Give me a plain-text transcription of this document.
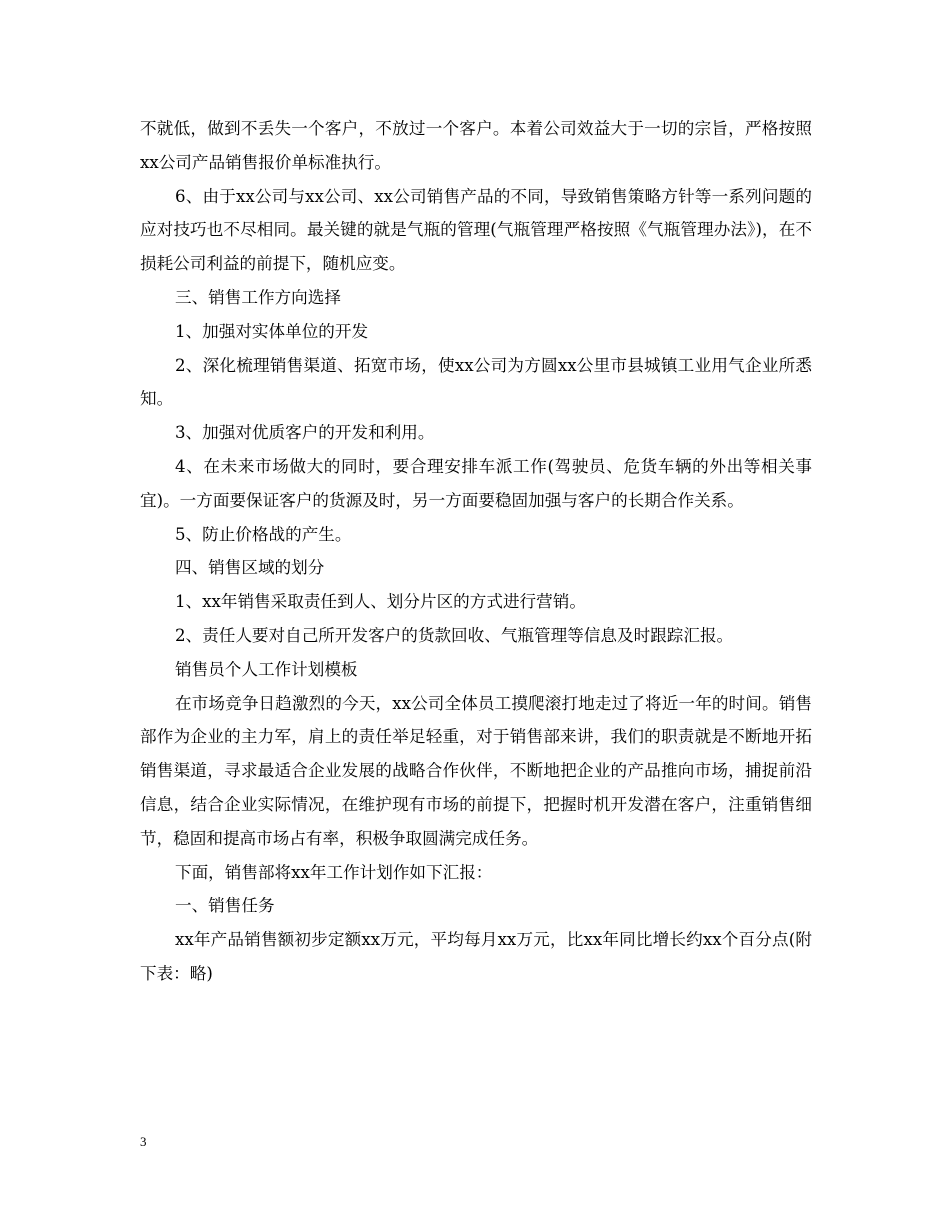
不就低，做到不丢失一个客户，不放过一个客户。本着公司效益大于一切的宗旨，严格按照xx公司产品销售报价单标准执行。

6、由于xx公司与xx公司、xx公司销售产品的不同，导致销售策略方针等一系列问题的应对技巧也不尽相同。最关键的就是气瓶的管理(气瓶管理严格按照《气瓶管理办法》)，在不损耗公司利益的前提下，随机应变。

三、销售工作方向选择

1、加强对实体单位的开发

2、深化梳理销售渠道、拓宽市场，使xx公司为方圆xx公里市县城镇工业用气企业所悉知。

3、加强对优质客户的开发和利用。

4、在未来市场做大的同时，要合理安排车派工作(驾驶员、危货车辆的外出等相关事宜)。一方面要保证客户的货源及时，另一方面要稳固加强与客户的长期合作关系。

5、防止价格战的产生。

四、销售区域的划分

1、xx年销售采取责任到人、划分片区的方式进行营销。

2、责任人要对自己所开发客户的货款回收、气瓶管理等信息及时跟踪汇报。

销售员个人工作计划模板

在市场竞争日趋激烈的今天，xx公司全体员工摸爬滚打地走过了将近一年的时间。销售部作为企业的主力军，肩上的责任举足轻重，对于销售部来讲，我们的职责就是不断地开拓销售渠道，寻求最适合企业发展的战略合作伙伴，不断地把企业的产品推向市场，捕捉前沿信息，结合企业实际情况，在维护现有市场的前提下，把握时机开发潜在客户，注重销售细节，稳固和提高市场占有率，积极争取圆满完成任务。

下面，销售部将xx年工作计划作如下汇报：

一、销售任务

xx年产品销售额初步定额xx万元，平均每月xx万元，比xx年同比增长约xx个百分点(附下表：略)

3
